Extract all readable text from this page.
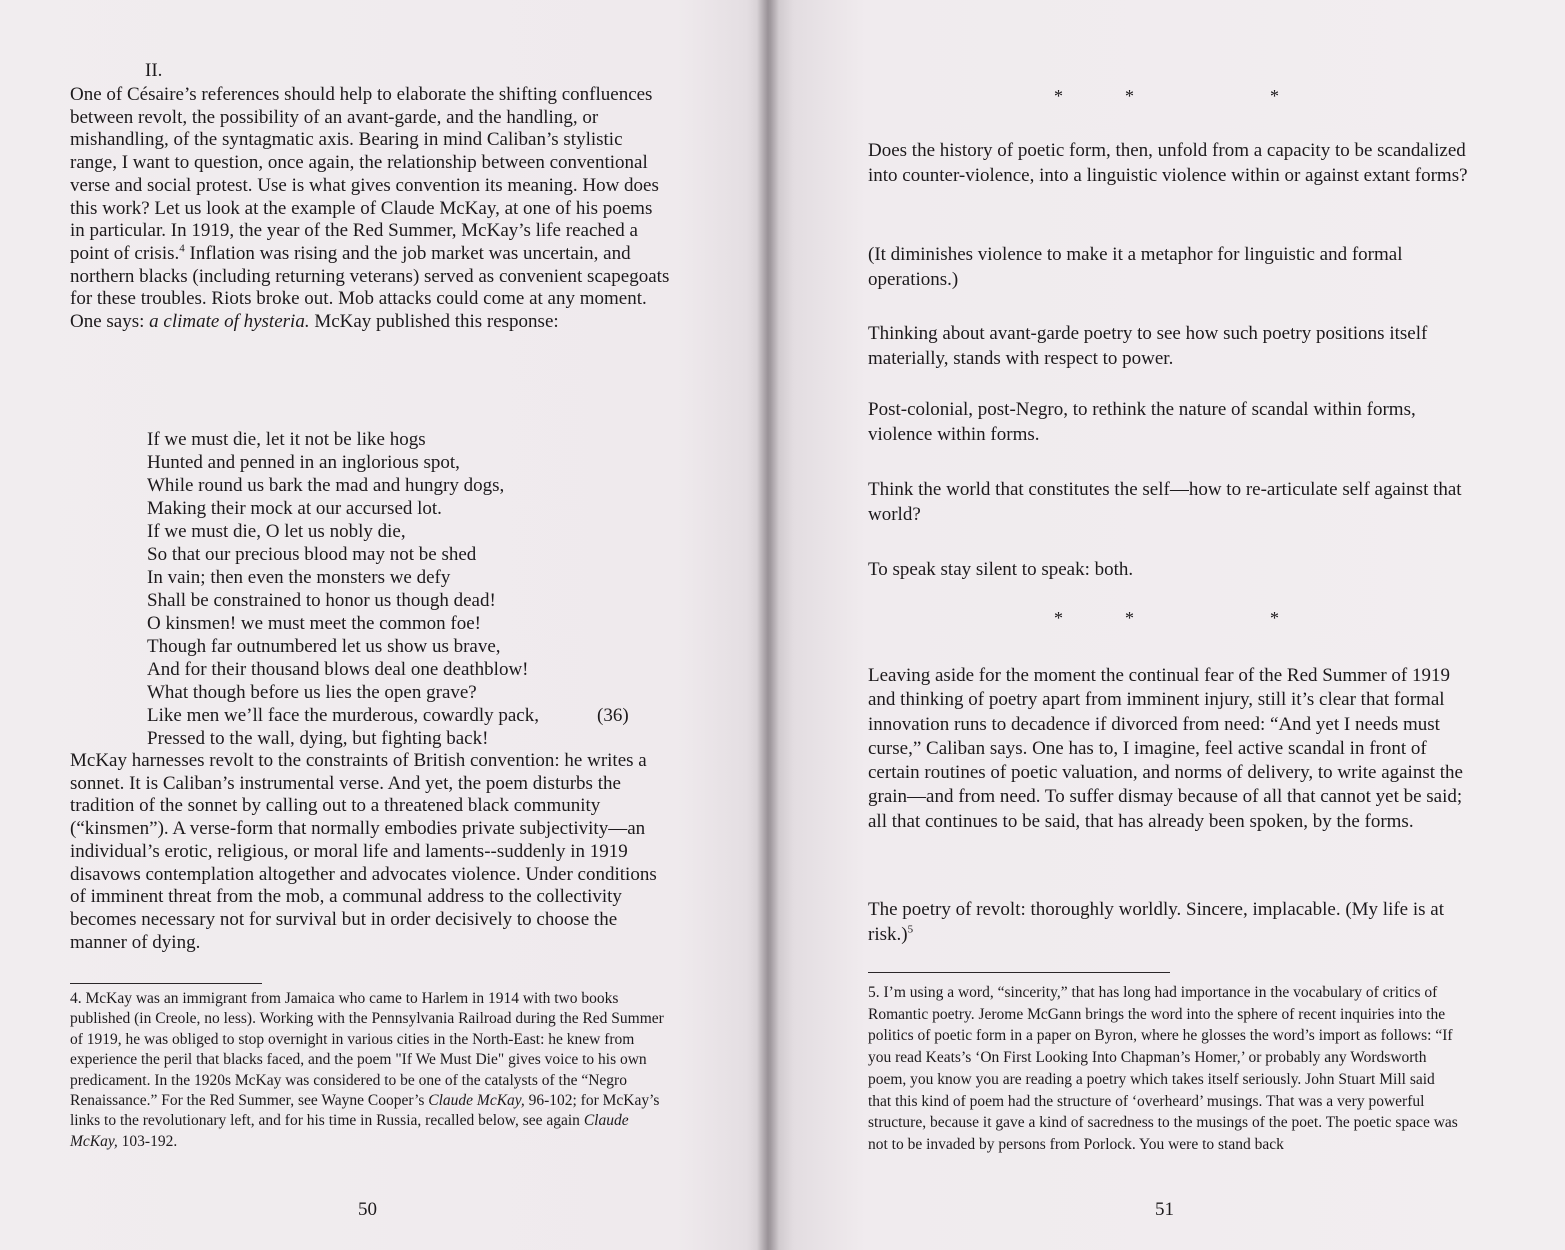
II.

One of Césaire’s references should help to elaborate the shifting confluences between revolt, the possibility of an avant-garde, and the handling, or mishandling, of the syntagmatic axis. Bearing in mind Caliban’s stylistic range, I want to question, once again, the relationship between conventional verse and social protest. Use is what gives convention its meaning. How does this work? Let us look at the example of Claude McKay, at one of his poems in particular. In 1919, the year of the Red Summer, McKay’s life reached a point of crisis.$^4$ Inflation was rising and the job market was uncertain, and northern blacks (including returning veterans) served as convenient scapegoats for these troubles. Riots broke out. Mob attacks could come at any moment. One says: a climate of hysteria. McKay published this response:

If we must die, let it not be like hogs
Hunted and penned in an inglorious spot,
While round us bark the mad and hungry dogs,
Making their mock at our accursed lot.
If we must die, O let us nobly die,
So that our precious blood may not be shed
In vain; then even the monsters we defy
Shall be constrained to honor us though dead!
O kinsmen! we must meet the common foe!
Though far outnumbered let us show us brave,
And for their thousand blows deal one deathblow!
What though before us lies the open grave?
Like men we’ll face the murderous, cowardly pack,
Pressed to the wall, dying, but fighting back!
(36)

McKay harnesses revolt to the constraints of British convention: he writes a sonnet. It is Caliban’s instrumental verse. And yet, the poem disturbs the tradition of the sonnet by calling out to a threatened black community (“kinsmen”). A verse-form that normally embodies private subjectivity—an individual’s erotic, religious, or moral life and laments--suddenly in 1919 disavows contemplation altogether and advocates violence. Under conditions of imminent threat from the mob, a communal address to the collectivity becomes necessary not for survival but in order decisively to choose the manner of dying.

4. McKay was an immigrant from Jamaica who came to Harlem in 1914 with two books published (in Creole, no less). Working with the Pennsylvania Railroad during the Red Summer of 1919, he was obliged to stop overnight in various cities in the North-East: he knew from experience the peril that blacks faced, and the poem "If We Must Die" gives voice to his own predicament. In the 1920s McKay was considered to be one of the catalysts of the “Negro Renaissance.” For the Red Summer, see Wayne Cooper’s Claude McKay, 96-102; for McKay’s links to the revolutionary left, and for his time in Russia, recalled below, see again Claude McKay, 103-192.

50

*	*	*

Does the history of poetic form, then, unfold from a capacity to be scandalized into counter-violence, into a linguistic violence within or against extant forms?

(It diminishes violence to make it a metaphor for linguistic and formal operations.)

Thinking about avant-garde poetry to see how such poetry positions itself materially, stands with respect to power.

Post-colonial, post-Negro, to rethink the nature of scandal within forms, violence within forms.

Think the world that constitutes the self—how to re-articulate self against that world?

To speak stay silent to speak: both.

*	*	*

Leaving aside for the moment the continual fear of the Red Summer of 1919 and thinking of poetry apart from imminent injury, still it’s clear that formal innovation runs to decadence if divorced from need: “And yet I needs must curse,” Caliban says. One has to, I imagine, feel active scandal in front of certain routines of poetic valuation, and norms of delivery, to write against the grain—and from need. To suffer dismay because of all that cannot yet be said; all that continues to be said, that has already been spoken, by the forms.

The poetry of revolt: thoroughly worldly. Sincere, implacable. (My life is at risk.)$^5$

5. I’m using a word, “sincerity,” that has long had importance in the vocabulary of critics of Romantic poetry. Jerome McGann brings the word into the sphere of recent inquiries into the politics of poetic form in a paper on Byron, where he glosses the word’s import as follows: “If you read Keats’s ‘On First Looking Into Chapman’s Homer,’ or probably any Wordsworth poem, you know you are reading a poetry which takes itself seriously. John Stuart Mill said that this kind of poem had the structure of ‘overheard’ musings. That was a very powerful structure, because it gave a kind of sacredness to the musings of the poet. The poetic space was not to be invaded by persons from Porlock. You were to stand back

51
